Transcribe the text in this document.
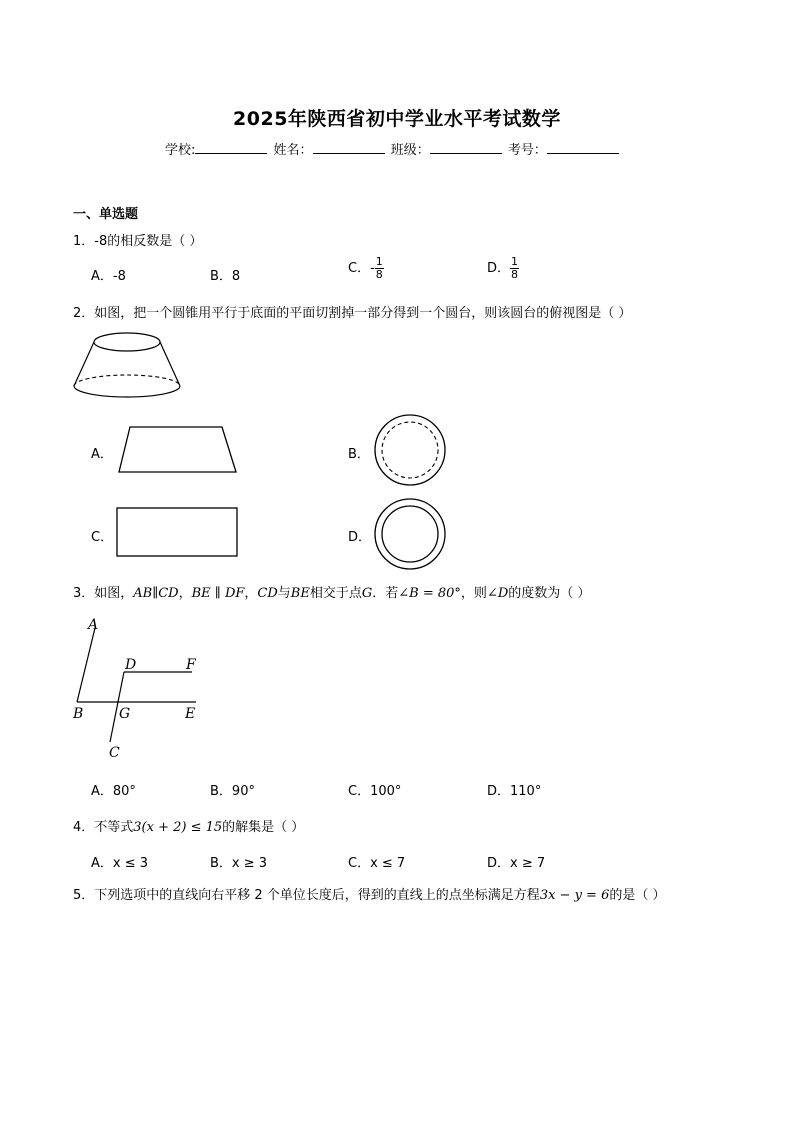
2025年陕西省初中学业水平考试数学
学校:	姓名：	班级：	考号：
一、单选题
1．-8的相反数是（ ）
A．-8	B．8
C．- $\frac{1}{8}$	D． $\frac{1}{8}$
2．如图，把一个圆锥用平行于底面的平面切割掉一部分得到一个圆台，则该圆台的俯视图是（ ）
A．	B．
C．	D．
3．如图，AB∥CD，BE ∥ DF，CD与BE相交于点G．若∠B = 80°，则∠D的度数为（ ）
A
D	F
B	G	E
C
A．80°	B．90°	C．100°	D．110°
4．不等式3(x + 2) ≤ 15的解集是（ ）
A．x ≤ 3	B．x ≥ 3	C．x ≤ 7	D．x ≥ 7
5．下列选项中的直线向右平移 2 个单位长度后，得到的直线上的点坐标满足方程3x − y = 6的是（ ）
